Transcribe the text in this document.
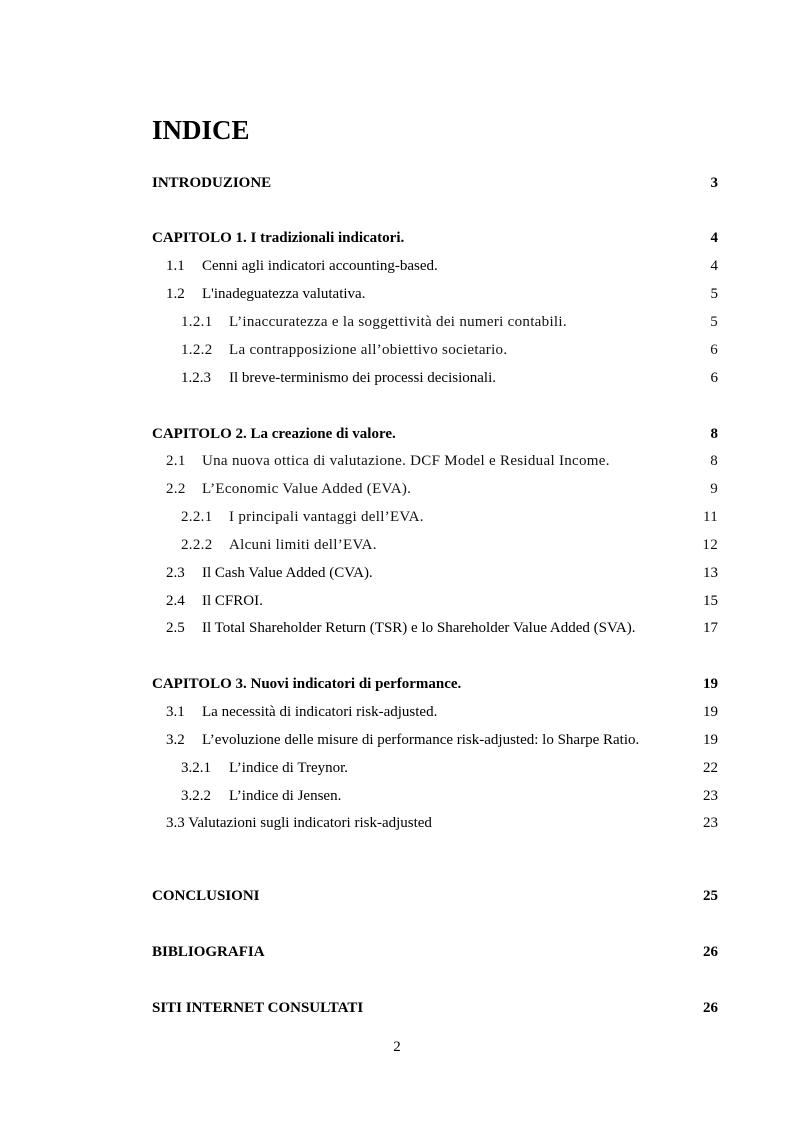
INDICE
INTRODUZIONE	3
CAPITOLO 1. I tradizionali indicatori.	4
1.1 Cenni agli indicatori accounting-based.	4
1.2 L'inadeguatezza valutativa.	5
1.2.1 L’inaccuratezza e la soggettività dei numeri contabili.	5
1.2.2 La contrapposizione all’obiettivo societario.	6
1.2.3 Il breve-terminismo dei processi decisionali.	6
CAPITOLO 2. La creazione di valore.	8
2.1 Una nuova ottica di valutazione. DCF Model e Residual Income.	8
2.2 L’Economic Value Added (EVA).	9
2.2.1 I principali vantaggi dell’EVA.	11
2.2.2 Alcuni limiti dell’EVA.	12
2.3 Il Cash Value Added (CVA).	13
2.4 Il CFROI.	15
2.5 Il Total Shareholder Return (TSR) e lo Shareholder Value Added (SVA).	17
CAPITOLO 3. Nuovi indicatori di performance.	19
3.1 La necessità di indicatori risk-adjusted.	19
3.2 L’evoluzione delle misure di performance risk-adjusted: lo Sharpe Ratio.	19
3.2.1 L’indice di Treynor.	22
3.2.2 L’indice di Jensen.	23
3.3 Valutazioni sugli indicatori risk-adjusted	23
CONCLUSIONI	25
BIBLIOGRAFIA	26
SITI INTERNET CONSULTATI	26
2
